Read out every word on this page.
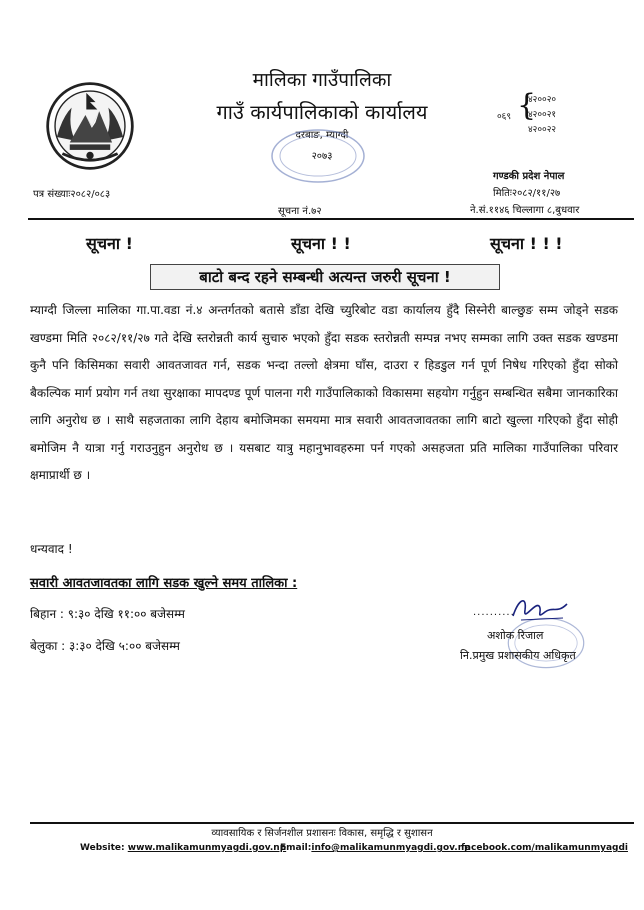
मालिका गाउँपालिका
गाउँ कार्यपालिकाको कार्यालय
दरबाङ, म्याग्दी
२०७३
०६९ {
४२००२०
४२००२१
४२००२२
गण्डकी प्रदेश नेपाल
मितिः२०८२/११/२७
पत्र संख्याः२०८२/०८३
सूचना नं.७२	ने.सं.११४६ चिल्लागा ८,बुधवार
सूचना !	सूचना ! !	सूचना ! ! !
बाटो बन्द रहने सम्बन्धी अत्यन्त जरुरी सूचना !
म्याग्दी जिल्ला मालिका गा.पा.वडा नं.४ अन्तर्गतको बतासे डाँडा देखि च्युरिबोट वडा कार्यालय हुँदै सिस्नेरी बाल्छुङ सम्म जोड्ने सडक खण्डमा मिति २०८२/११/२७ गते देखि स्तरोन्नती कार्य सुचारु भएको हुँदा सडक स्तरोन्नती सम्पन्न नभए सम्मका लागि उक्त सडक खण्डमा कुनै पनि किसिमका सवारी आवतजावत गर्न, सडक भन्दा तल्लो क्षेत्रमा घाँस, दाउरा र हिडडुल गर्न पूर्ण निषेध गरिएको हुँदा सोको बैकल्पिक मार्ग प्रयोग गर्न तथा सुरक्षाका मापदण्ड पूर्ण पालना गरी गाउँपालिकाको विकासमा सहयोग गर्नुहुन सम्बन्धित सबैमा जानकारिका लागि अनुरोध छ । साथै सहजताका लागि देहाय बमोजिमका समयमा मात्र सवारी आवतजावतका लागि बाटो खुल्ला गरिएको हुँदा सोही बमोजिम नै यात्रा गर्नु गराउनुहुन अनुरोध छ । यसबाट यात्रु महानुभावहरुमा पर्न गएको असहजता प्रति मालिका गाउँपालिका परिवार क्षमाप्रार्थी छ ।
धन्यवाद !
सवारी आवतजावतका लागि सडक खुल्ने समय तालिका :
बिहान : ९:३० देखि ११:०० बजेसम्म
बेलुका : ३:३० देखि ५:०० बजेसम्म
..........
अशोक रिजाल
नि.प्रमुख प्रशासकीय अधिकृत
व्यावसायिक र सिर्जनशील प्रशासनः विकास, समृद्धि र सुशासन
Website: www.malikamunmyagdi.gov.np
Email:info@malikamunmyagdi.gov.np
facebook.com/malikamunmyagdi
